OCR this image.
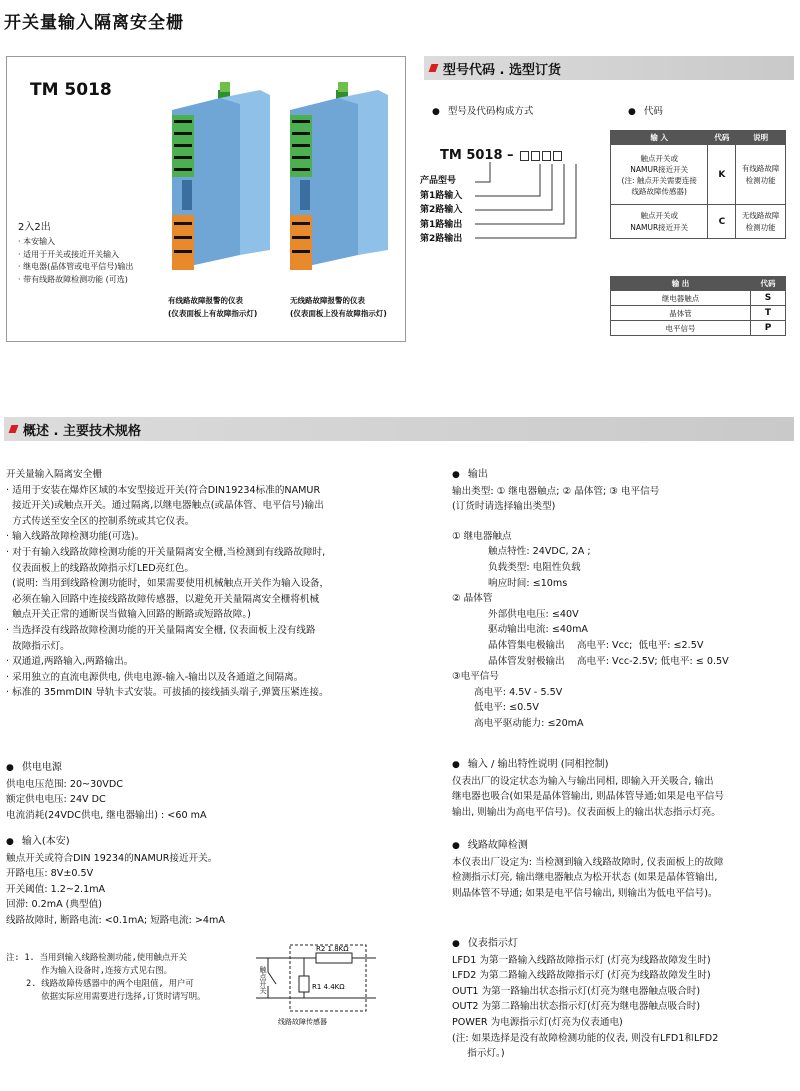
开关量输入隔离安全栅
TM 5018
2入2出
· 本安输入
· 适用于开关或接近开关输入
· 继电器(晶体管或电平信号)输出
· 带有线路故障检测功能 (可选)
有线路故障报警的仪表
(仪表面板上有故障指示灯)
无线路故障报警的仪表
(仪表面板上没有故障指示灯)
型号代码 . 选型订货
● 型号及代码构成方式	● 代码
TM 5018 –
产品型号
第1路输入
第2路输入
第1路输出
第2路输出
输 入	代码	说明
触点开关或
NAMUR接近开关
(注: 触点开关需要连接
线路故障传感器)	K	有线路故障
检测功能
触点开关或
NAMUR接近开关	C	无线路故障
检测功能
输 出	代码
继电器触点	S
晶体管	T
电平信号	P
概述 . 主要技术规格
开关量输入隔离安全栅
· 适用于安装在爆炸区域的本安型接近开关(符合DIN19234标准的NAMUR
接近开关)或触点开关。通过隔离,以继电器触点(或晶体管、电平信号)输出
方式传送至安全区的控制系统或其它仪表。
· 输入线路故障检测功能(可选)。
· 对于有输入线路故障检测功能的开关量隔离安全栅,当检测到有线路故障时,
仪表面板上的线路故障指示灯LED亮红色。
(说明: 当用到线路检测功能时，如果需要使用机械触点开关作为输入设备，
必须在输入回路中连接线路故障传感器，以避免开关量隔离安全栅将机械
触点开关正常的通断误当做输入回路的断路或短路故障。)
· 当选择没有线路故障检测功能的开关量隔离安全栅, 仪表面板上没有线路
故障指示灯。
· 双通道,两路输入,两路输出。
· 采用独立的直流电源供电, 供电电源-输入-输出以及各通道之间隔离。
· 标准的 35mmDIN 导轨卡式安装。可拔插的接线插头端子,弹簧压紧连接。
● 供电电源
供电电压范围: 20~30VDC
额定供电电压: 24V DC
电流消耗(24VDC供电, 继电器输出) : <60 mA
● 输入(本安)
触点开关或符合DIN 19234的NAMUR接近开关。
开路电压: 8V±0.5V
开关阈值: 1.2~2.1mA
回滞: 0.2mA (典型值)
线路故障时, 断路电流: <0.1mA; 短路电流: >4mA
注: 1. 当用到输入线路检测功能,使用触点开关
作为输入设备时,连接方式见右图。
2. 线路故障传感器中的两个电阻值, 用户可
依据实际应用需要进行选择,订货时请写明。
R2 1.8KΩ
R1 4.4KΩ
线路故障传感器
触点开关
● 输出
输出类型: ① 继电器触点; ② 晶体管; ③ 电平信号
(订货时请选择输出类型)
① 继电器触点
触点特性: 24VDC, 2A ;
负载类型: 电阻性负载
响应时间: ≤10ms
② 晶体管
外部供电电压: ≤40V
驱动输出电流: ≤40mA
晶体管集电极输出    高电平: Vcc;  低电平: ≤2.5V
晶体管发射极输出    高电平: Vcc-2.5V; 低电平: ≤ 0.5V
③电平信号
高电平: 4.5V - 5.5V
低电平: ≤0.5V
高电平驱动能力: ≤20mA
● 输入 / 输出特性说明 (同相控制)
仪表出厂的设定状态为输入与输出同相, 即输入开关吸合, 输出
继电器也吸合(如果是晶体管输出, 则晶体管导通;如果是电平信号
输出, 则输出为高电平信号)。仪表面板上的输出状态指示灯亮。
● 线路故障检测
本仪表出厂设定为: 当检测到输入线路故障时, 仪表面板上的故障
检测指示灯亮, 输出继电器触点为松开状态 (如果是晶体管输出,
则晶体管不导通; 如果是电平信号输出, 则输出为低电平信号)。
● 仪表指示灯
LFD1 为第一路输入线路故障指示灯 (灯亮为线路故障发生时)
LFD2 为第二路输入线路故障指示灯 (灯亮为线路故障发生时)
OUT1 为第一路输出状态指示灯(灯亮为继电器触点吸合时)
OUT2 为第二路输出状态指示灯(灯亮为继电器触点吸合时)
POWER 为电源指示灯(灯亮为仪表通电)
(注: 如果选择是没有故障检测功能的仪表, 则没有LFD1和LFD2
指示灯。)
